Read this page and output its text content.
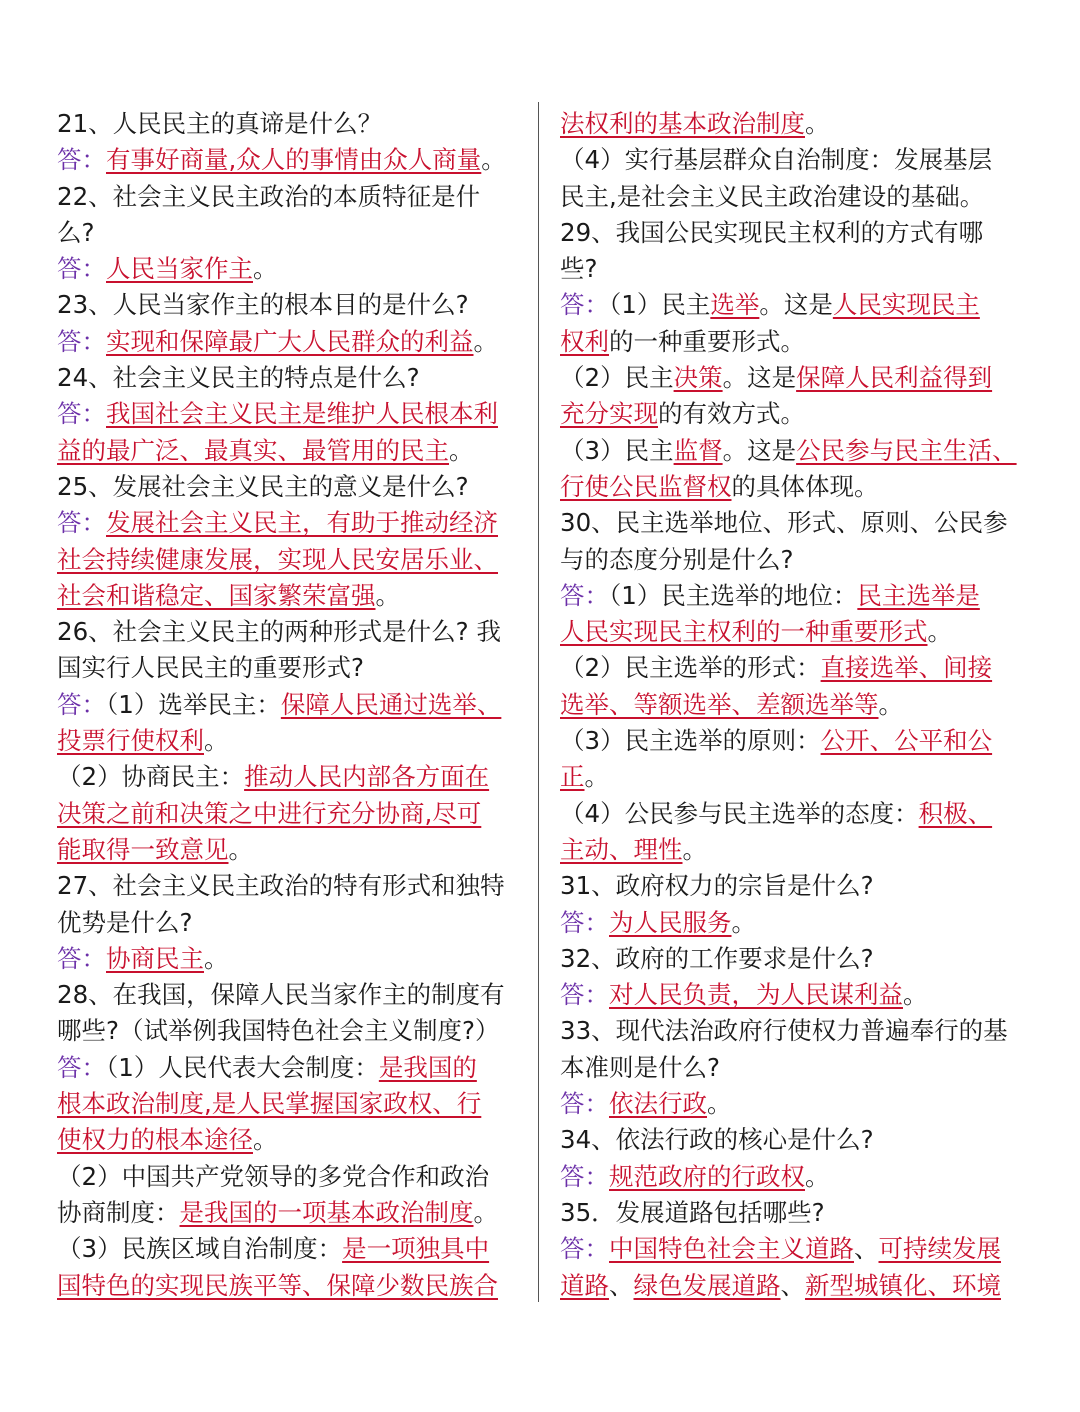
21、人民民主的真谛是什么？
答：有事好商量,众人的事情由众人商量。
22、社会主义民主政治的本质特征是什
么?
答：人民当家作主。
23、人民当家作主的根本目的是什么?
答：实现和保障最广大人民群众的利益。
24、社会主义民主的特点是什么?
答：我国社会主义民主是维护人民根本利
益的最广泛、最真实、最管用的民主。
25、发展社会主义民主的意义是什么?
答：发展社会主义民主，有助于推动经济
社会持续健康发展，实现人民安居乐业、
社会和谐稳定、国家繁荣富强。
26、社会主义民主的两种形式是什么? 我
国实行人民民主的重要形式?
答：（1）选举民主：保障人民通过选举、
投票行使权利。
（2）协商民主：推动人民内部各方面在
决策之前和决策之中进行充分协商,尽可
能取得一致意见。
27、社会主义民主政治的特有形式和独特
优势是什么?
答：协商民主。
28、在我国，保障人民当家作主的制度有
哪些?（试举例我国特色社会主义制度?）
答：（1）人民代表大会制度：是我国的
根本政治制度,是人民掌握国家政权、行
使权力的根本途径。
（2）中国共产党领导的多党合作和政治
协商制度：是我国的一项基本政治制度。
（3）民族区域自治制度：是一项独具中
国特色的实现民族平等、保障少数民族合
法权利的基本政治制度。
（4）实行基层群众自治制度：发展基层
民主,是社会主义民主政治建设的基础。
29、我国公民实现民主权利的方式有哪
些?
答：（1）民主选举。这是人民实现民主
权利的一种重要形式。
（2）民主决策。这是保障人民利益得到
充分实现的有效方式。
（3）民主监督。这是公民参与民主生活、
行使公民监督权的具体体现。
30、民主选举地位、形式、原则、公民参
与的态度分别是什么?
答：（1）民主选举的地位：民主选举是
人民实现民主权利的一种重要形式。
（2）民主选举的形式：直接选举、间接
选举、等额选举、差额选举等。
（3）民主选举的原则：公开、公平和公
正。
（4）公民参与民主选举的态度：积极、
主动、理性。
31、政府权力的宗旨是什么?
答：为人民服务。
32、政府的工作要求是什么?
答：对人民负责，为人民谋利益。
33、现代法治政府行使权力普遍奉行的基
本准则是什么?
答：依法行政。
34、依法行政的核心是什么?
答：规范政府的行政权。
35．发展道路包括哪些?
答：中国特色社会主义道路、可持续发展
道路、绿色发展道路、新型城镇化、环境
